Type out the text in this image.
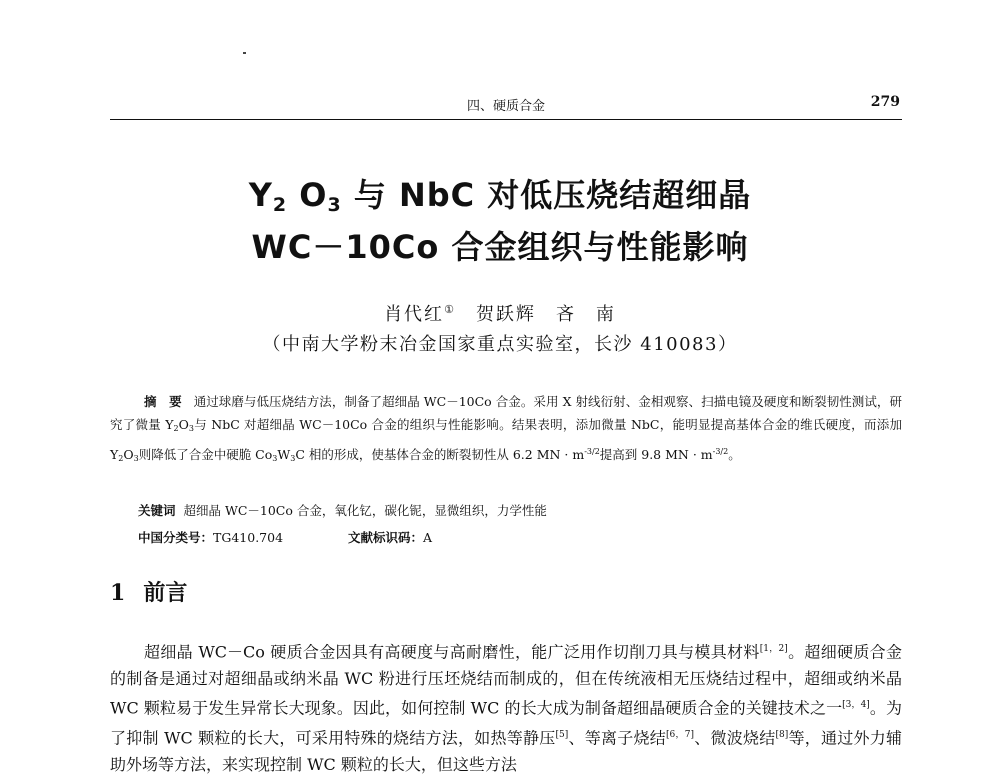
四、硬质合金	279
$Y_2$ $O_3$ 与 NbC 对低压烧结超细晶
WC－10Co 合金组织与性能影响
肖代红① 贺跃辉 吝　南
（中南大学粉末冶金国家重点实验室，长沙 410083）
摘　要 通过球磨与低压烧结方法，制备了超细晶 WC－10Co 合金。采用 X 射线衍射、金相观察、扫描电镜及硬度和断裂韧性测试，研究了微量 $Y_2O_3$与 NbC 对超细晶 WC－10Co 合金的组织与性能影响。结果表明，添加微量 NbC，能明显提高基体合金的维氏硬度，而添加 $Y_2O_3$则降低了合金中硬脆 $Co_3W_3C$ 相的形成，使基体合金的断裂韧性从 6.2 MN · $m^{-3/2}$提高到 9.8 MN · $m^{-3/2}$。
关键词 超细晶 WC－10Co 合金，氧化钇，碳化铌，显微组织，力学性能
中国分类号：TG410.704	文献标识码：A
1 前言
超细晶 WC－Co 硬质合金因具有高硬度与高耐磨性，能广泛用作切削刀具与模具材料[1，2]。超细硬质合金的制备是通过对超细晶或纳米晶 WC 粉进行压坯烧结而制成的，但在传统液相无压烧结过程中，超细或纳米晶 WC 颗粒易于发生异常长大现象。因此，如何控制 WC 的长大成为制备超细晶硬质合金的关键技术之一[3，4]。为了抑制 WC 颗粒的长大，可采用特殊的烧结方法，如热等静压[5]、等离子烧结[6，7]、微波烧结[8]等，通过外力辅助外场等方法，来实现控制 WC 颗粒的长大，但这些方法
